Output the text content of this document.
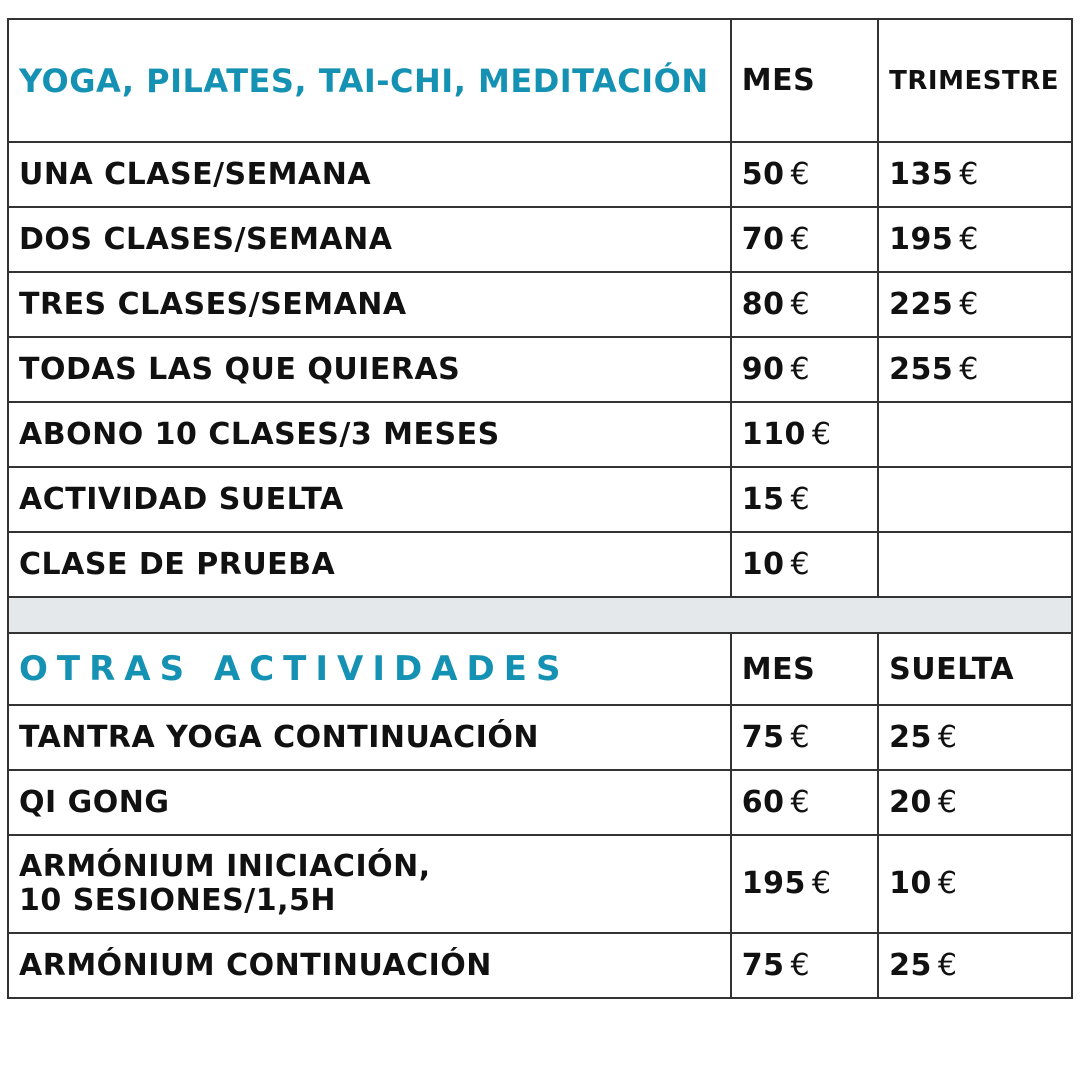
YOGA, PILATES, TAI-CHI, MEDITACIÓN	MES	TRIMESTRE
UNA CLASE/SEMANA	50 €	135 €
DOS CLASES/SEMANA	70 €	195 €
TRES CLASES/SEMANA	80 €	225 €
TODAS LAS QUE QUIERAS	90 €	255 €
ABONO 10 CLASES/3 MESES	110 €	
ACTIVIDAD SUELTA	15 €	
CLASE DE PRUEBA	10 €	

OTRAS ACTIVIDADES	MES	SUELTA
TANTRA YOGA CONTINUACIÓN	75 €	25 €
QI GONG	60 €	20 €

ARMÓNIUM INICIACIÓN,
10 SESIONES/1,5H	195 €	10 €
ARMÓNIUM CONTINUACIÓN	75 €	25 €
